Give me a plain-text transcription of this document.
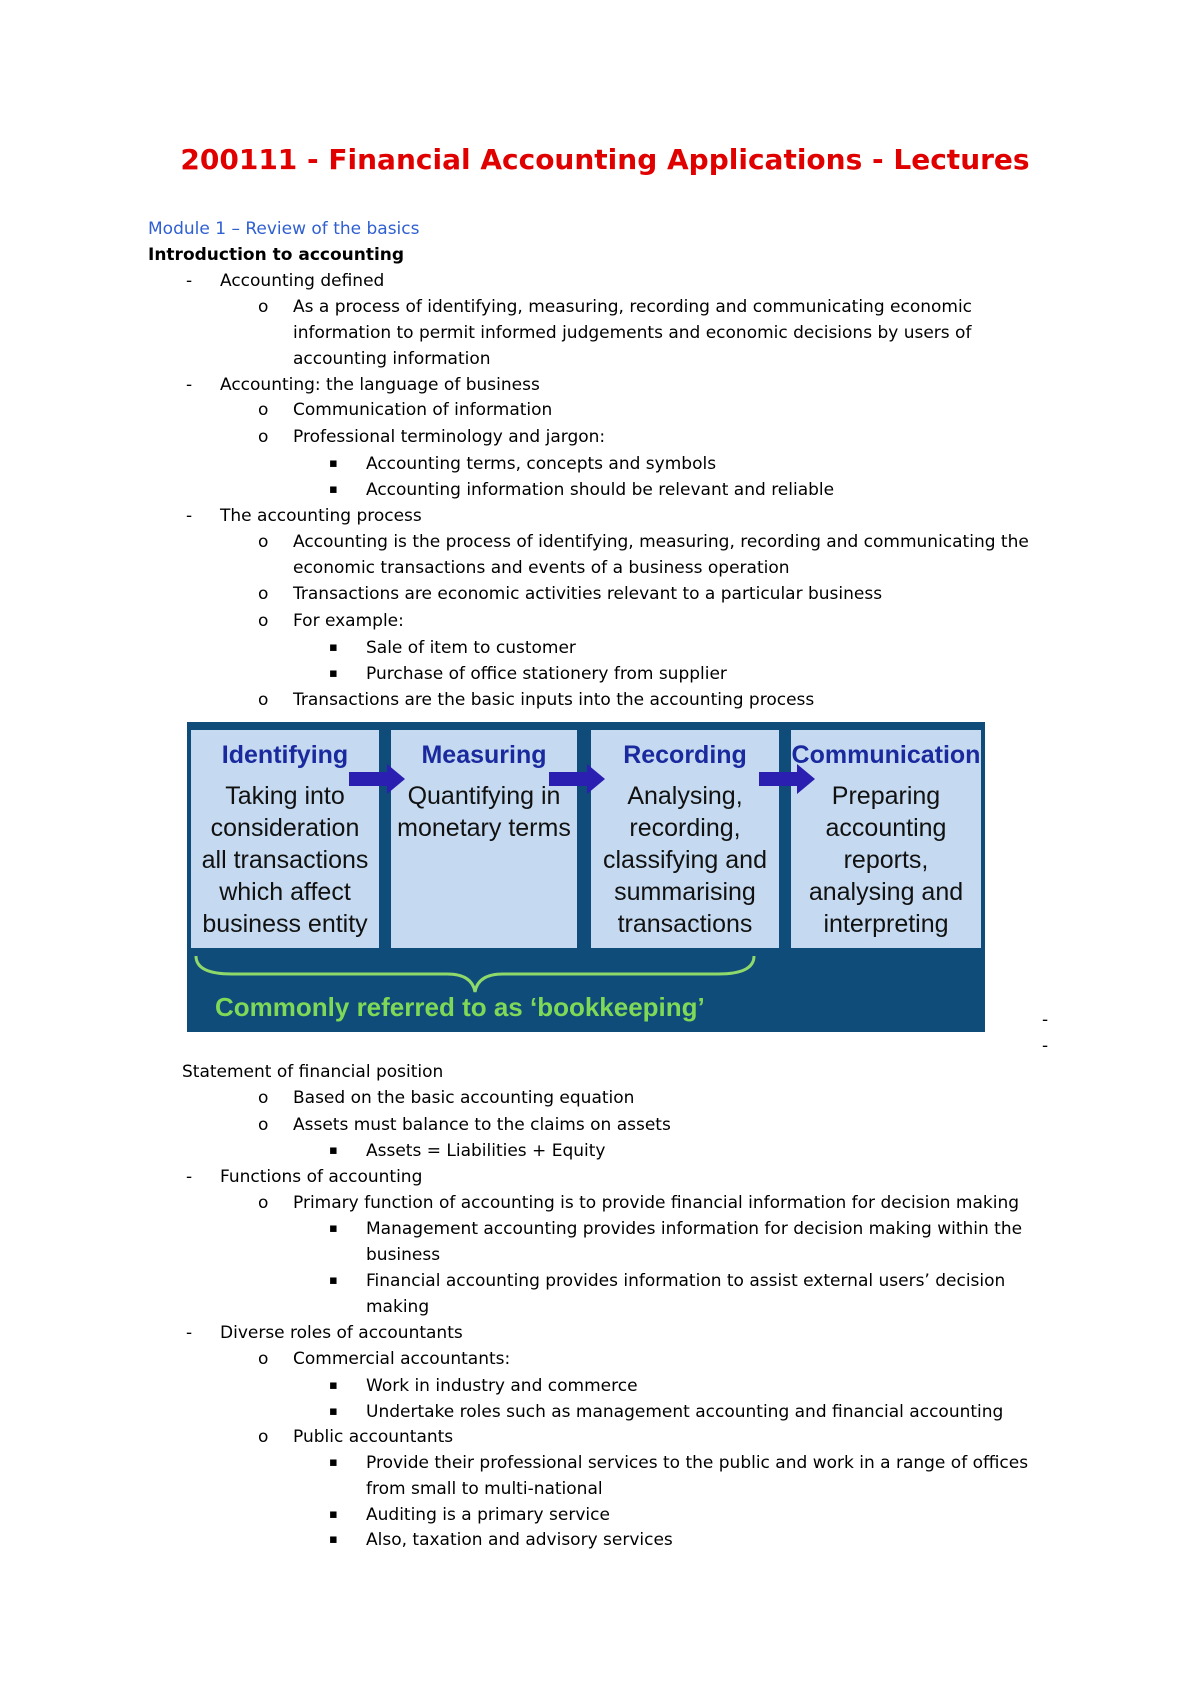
200111 - Financial Accounting Applications - Lectures
Module 1 – Review of the basics
Introduction to accounting
- Accounting defined
o As a process of identifying, measuring, recording and communicating economic
information to permit informed judgements and economic decisions by users of
accounting information
- Accounting: the language of business
o Communication of information
o Professional terminology and jargon:
▪ Accounting terms, concepts and symbols
▪ Accounting information should be relevant and reliable
- The accounting process
o Accounting is the process of identifying, measuring, recording and communicating the
economic transactions and events of a business operation
o Transactions are economic activities relevant to a particular business
o For example:
▪ Sale of item to customer
▪ Purchase of office stationery from supplier
o Transactions are the basic inputs into the accounting process
Identifying
Taking into consideration all transactions which affect business entity
Measuring
Quantifying in monetary terms
Recording
Analysing, recording, classifying and summarising transactions
Communication
Preparing accounting reports, analysing and interpreting
Commonly referred to as ‘bookkeeping’	-
-
Statement of financial position
o Based on the basic accounting equation
o Assets must balance to the claims on assets
▪ Assets = Liabilities + Equity
- Functions of accounting
o Primary function of accounting is to provide financial information for decision making
▪ Management accounting provides information for decision making within the
business
▪ Financial accounting provides information to assist external users’ decision
making
- Diverse roles of accountants
o Commercial accountants:
▪ Work in industry and commerce
▪ Undertake roles such as management accounting and financial accounting
o Public accountants
▪ Provide their professional services to the public and work in a range of offices
from small to multi-national
▪ Auditing is a primary service
▪ Also, taxation and advisory services
